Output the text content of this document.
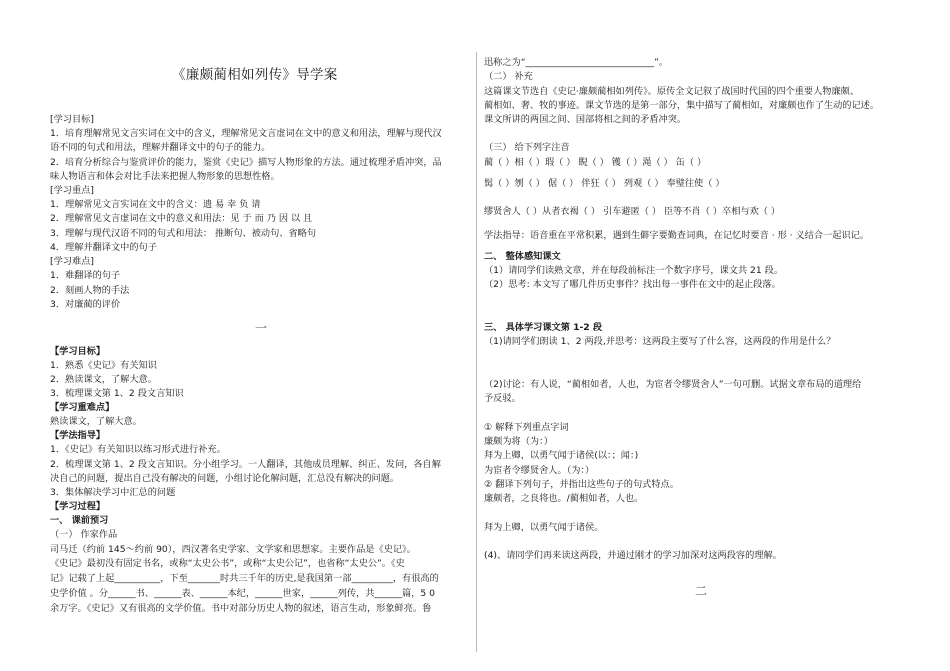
《廉颇蔺相如列传》导学案
[学习目标]
1．培育理解常见文言实词在文中的含义，理解常见文言虚词在文中的意义和用法，理解与现代汉
语不同的句式和用法，理解并翻译文中的句子的能力。
2．培育分析综合与鉴赏评价的能力，鉴赏《史记》描写人物形象的方法。通过梳理矛盾冲突，品
味人物语言和体会对比手法来把握人物形象的思想性格。
[学习重点]
1．理解常见文言实词在文中的含义：遗 易 幸 负 请
2．理解常见文言虚词在文中的意义和用法：见 于 而 乃 因 以 且
3．理解与现代汉语不同的句式和用法： 推断句、被动句、省略句
4．理解并翻译文中的句子
[学习难点]
1．难翻译的句子
2．刻画人物的手法
3．对廉蔺的评价
一
【学习目标】
1．熟悉《史记》有关知识
2．熟读课文，了解大意。
3．梳理课文第 1、2 段文言知识
【学习重难点】
熟读课文，了解大意。
【学法指导】
1．《史记》有关知识以练习形式进行补充。
2．梳理课文第 1、2 段文言知识。分小组学习。一人翻译，其他成员理解、纠正、发问，各自解
决自己的问题，提出自己没有解决的问题，小组讨论化解问题，汇总没有解决的问题。
3．集体解决学习中汇总的问题
【学习过程】
一、 课前预习
（一） 作家作品
司马迁（约前 145～约前 90），西汉著名史学家、文学家和思想家。主要作品是《史记》。
《史记》最初没有固定书名，或称“太史公书”，或称“太史公记”，也省称“太史公”。《史
记》记载了上起__________，下至_______时共三千年的历史,是我国第一部_________，有很高的
史学价值 。分______书、______表、______本纪，______世家，______列传，共______篇，5 0
余万字。《史记》又有很高的文学价值。书中对部分历史人物的叙述，语言生动，形象鲜亮。鲁
迅称之为“____________________________”。
（二） 补充
这篇课文节选自《史记·廉颇蔺相如列传》。原传全文记叙了战国时代国的四个重要人物廉颇、
蔺相如、奢、牧的事迹。课文节选的是第一部分，集中描写了蔺相如，对廉颇也作了生动的记述。
课文所讲的两国之间、国部将相之间的矛盾冲突。
（三） 给下列字注音
蔺（ ）相（ ）瑕（ ） 睨（ ） 镬（ ）渑（ ） 缶（ ）
髯（ ）刎（ ） 倨（ ） 伴狂（ ） 列观（ ） 奉璧往使（ ）
缪贤舍人（ ）从者衣褐（ ） 引车避匿（ ） 臣等不肖（ ）卒相与欢（ ）
学法指导：语音重在平常积累，遇到生僻字要勤查词典，在记忆时要音 · 形 · 义结合一起识记。
二、 整体感知课文
（1）请同学们读熟文章，并在每段前标注一个数字序号，课文共 21 段。
（2）思考: 本文写了哪几件历史事件？找出每一事件在文中的起止段落。
三、 具体学习课文第 1-2 段
（1)请同学们朗读 1、2 两段,并思考：这两段主要写了什么容，这两段的作用是什么？
（2)讨论：有人说，“蔺相如者，人也，为宦者令缪贤舍人”一句可删。试据文章布局的道理给
予反驳。
① 解释下列重点字词
廉颇为将（为：）
拜为上卿，以勇气闻于诸侯(以：；闻：)
为宦者令缪贤舍人。（为：）
② 翻译下列句子，并指出这些句子的句式特点。
廉颇者，之良将也。/蔺相如者，人也。
拜为上卿，以勇气闻于诸侯。
(4)、请同学们再来读这两段，并通过刚才的学习加深对这两段容的理解。
二
